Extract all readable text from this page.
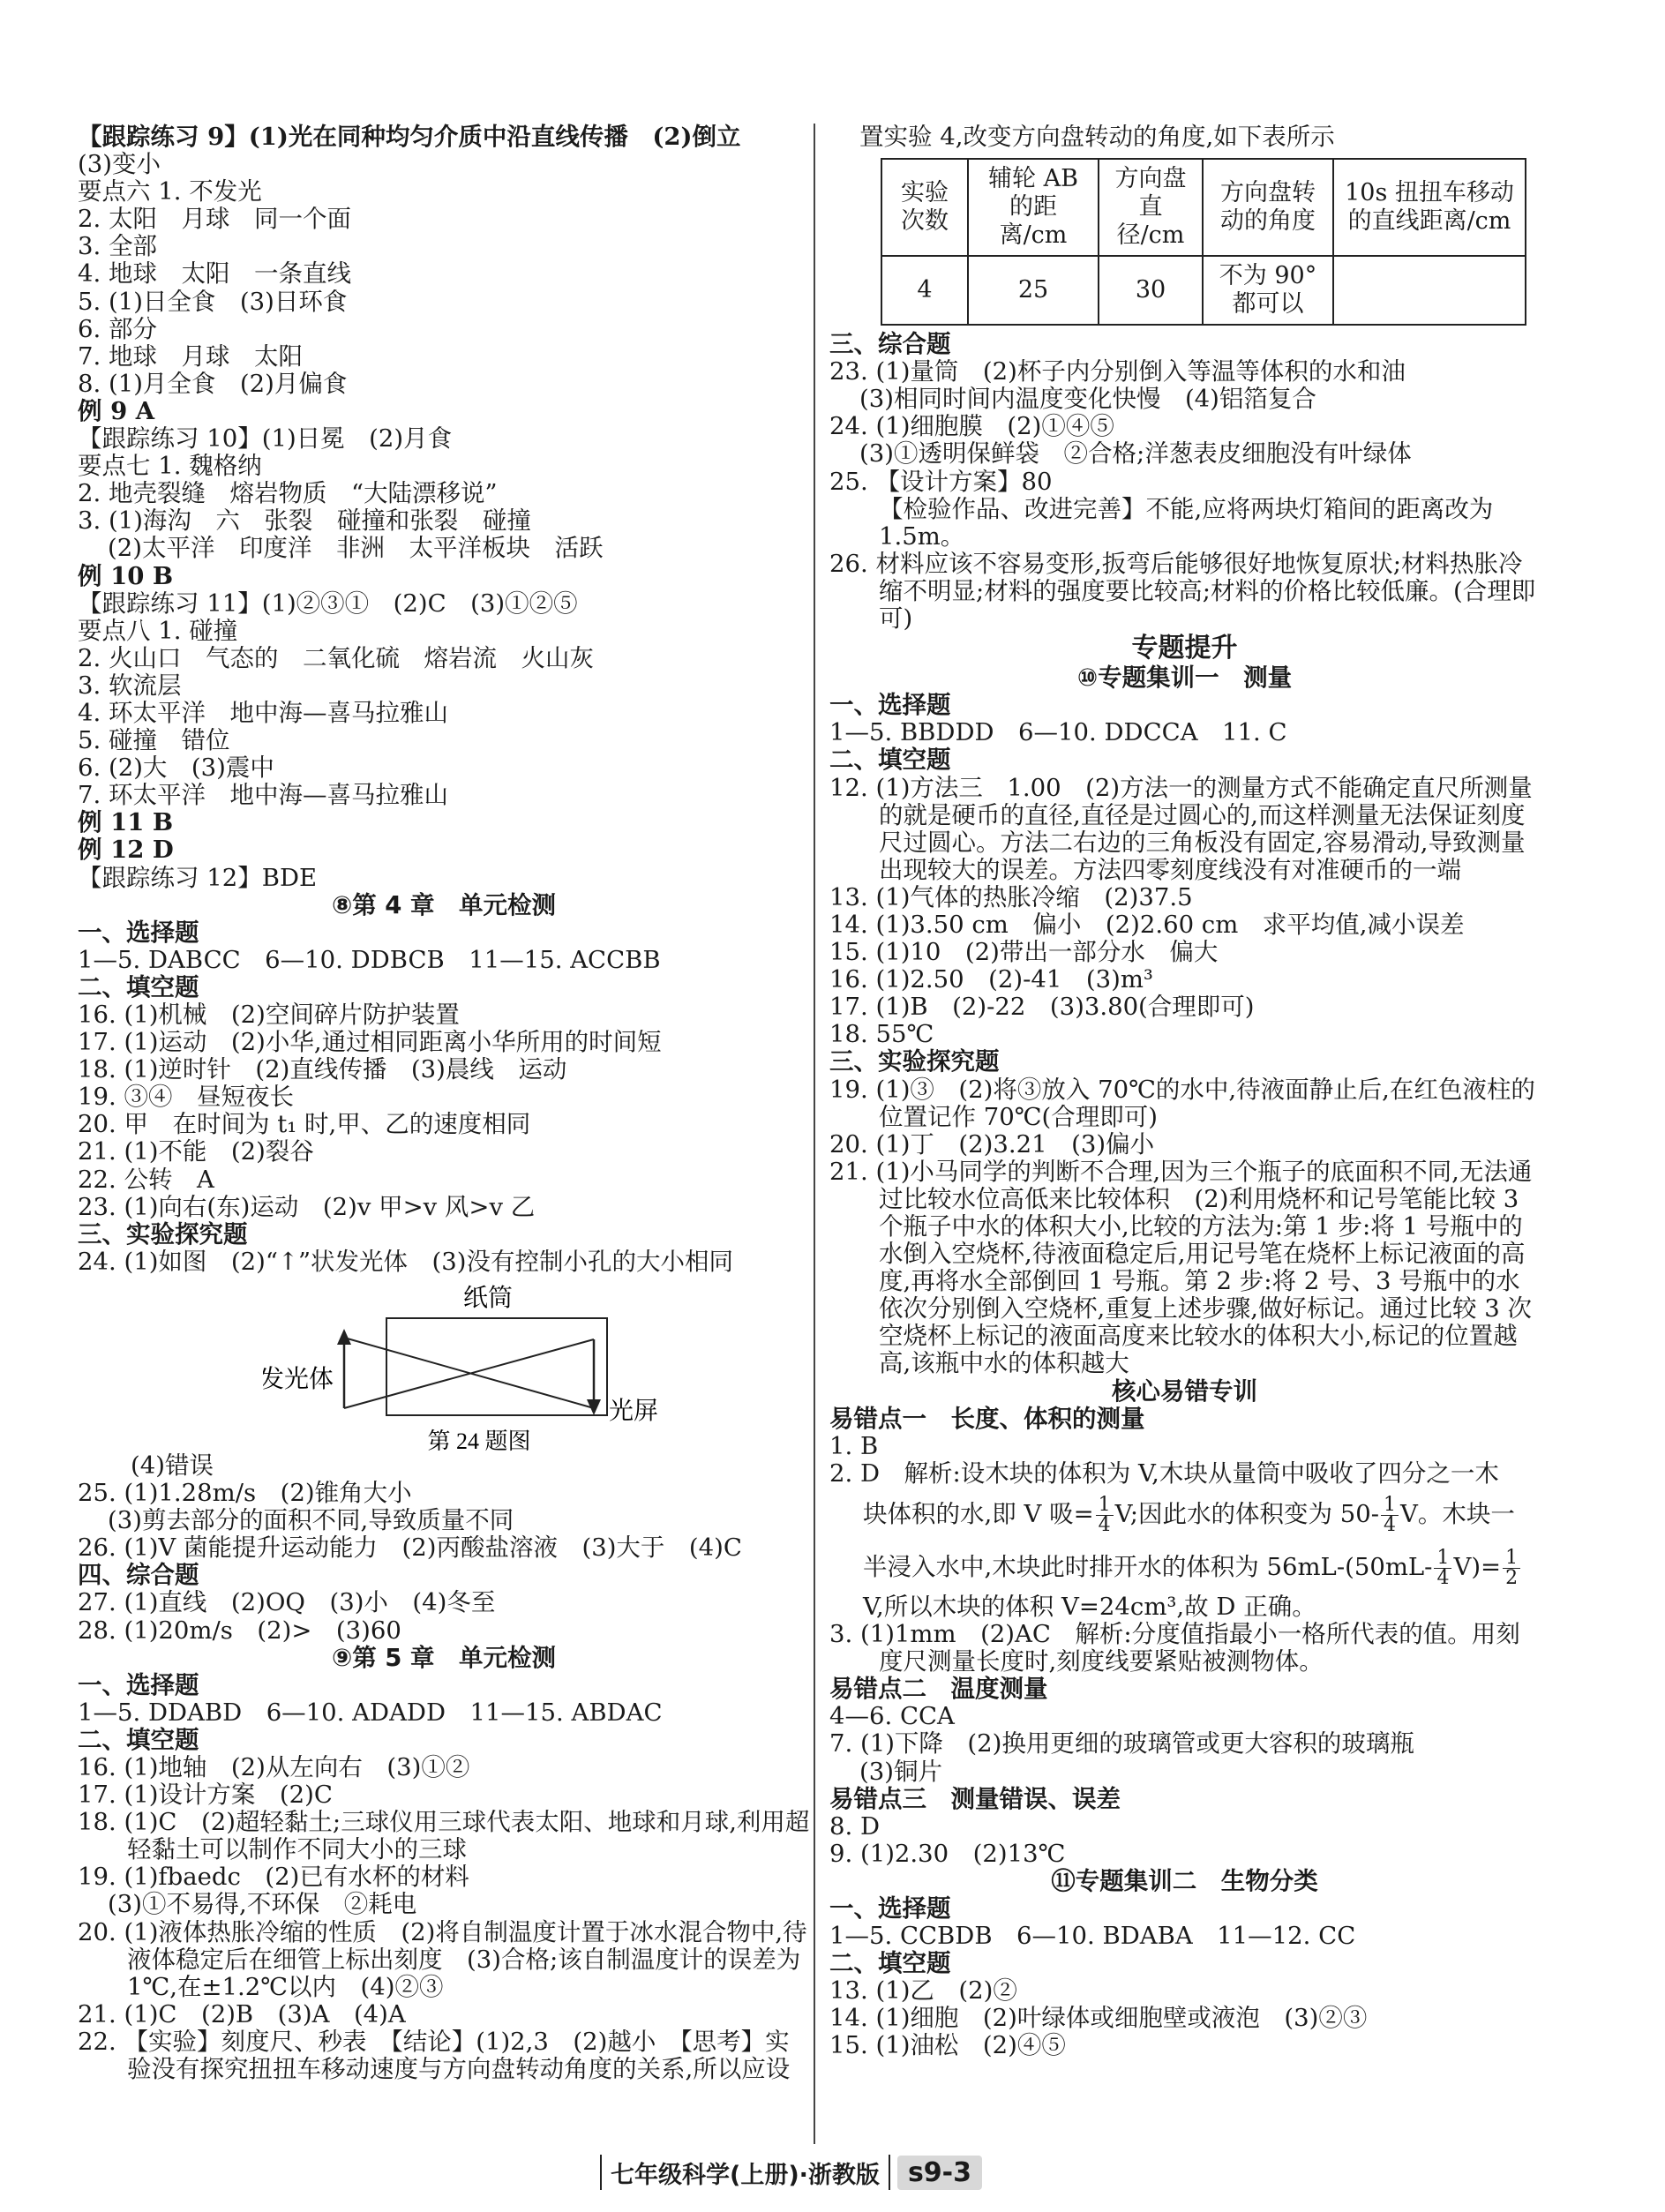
【跟踪练习 9】(1)光在同种均匀介质中沿直线传播　(2)倒立
(3)变小
要点六 1. 不发光
2. 太阳　月球　同一个面
3. 全部
4. 地球　太阳　一条直线
5. (1)日全食　(3)日环食
6. 部分
7. 地球　月球　太阳
8. (1)月全食　(2)月偏食
例 9 A
【跟踪练习 10】(1)日冕　(2)月食
要点七 1. 魏格纳
2. 地壳裂缝　熔岩物质　“大陆漂移说”
3. (1)海沟　六　张裂　碰撞和张裂　碰撞
(2)太平洋　印度洋　非洲　太平洋板块　活跃
例 10 B
【跟踪练习 11】(1)②③①　(2)C　(3)①②⑤
要点八 1. 碰撞
2. 火山口　气态的　二氧化硫　熔岩流　火山灰
3. 软流层
4. 环太平洋　地中海—喜马拉雅山
5. 碰撞　错位
6. (2)大　(3)震中
7. 环太平洋　地中海—喜马拉雅山
例 11 B
例 12 D
【跟踪练习 12】BDE
⑧第 4 章　单元检测
一、选择题
1—5. DABCC　6—10. DDBCB　11—15. ACCBB
二、填空题
16. (1)机械　(2)空间碎片防护装置
17. (1)运动　(2)小华,通过相同距离小华所用的时间短
18. (1)逆时针　(2)直线传播　(3)晨线　运动
19. ③④　昼短夜长
20. 甲　在时间为 t₁ 时,甲、乙的速度相同
21. (1)不能　(2)裂谷
22. 公转　A
23. (1)向右(东)运动　(2)v 甲>v 风>v 乙
三、实验探究题
24. (1)如图　(2)“↑”状发光体　(3)没有控制小孔的大小相同
纸筒
发光体
光屏
第 24 题图
(4)错误
25. (1)1.28m/s　(2)锥角大小
(3)剪去部分的面积不同,导致质量不同
26. (1)V 菌能提升运动能力　(2)丙酸盐溶液　(3)大于　(4)C
四、综合题
27. (1)直线　(2)OQ　(3)小　(4)冬至
28. (1)20m/s　(2)>　(3)60
⑨第 5 章　单元检测
一、选择题
1—5. DDABD　6—10. ADADD　11—15. ABDAC
二、填空题
16. (1)地轴　(2)从左向右　(3)①②
17. (1)设计方案　(2)C
18. (1)C　(2)超轻黏土;三球仪用三球代表太阳、地球和月球,利用超轻黏土可以制作不同大小的三球
19. (1)fbaedc　(2)已有水杯的材料
(3)①不易得,不环保　②耗电
20. (1)液体热胀冷缩的性质　(2)将自制温度计置于冰水混合物中,待液体稳定后在细管上标出刻度　(3)合格;该自制温度计的误差为 1℃,在±1.2℃以内　(4)②③
21. (1)C　(2)B　(3)A　(4)A
22. 【实验】刻度尺、秒表　【结论】(1)2,3　(2)越小　【思考】实验没有探究扭扭车移动速度与方向盘转动角度的关系,所以应设
置实验 4,改变方向盘转动的角度,如下表所示
实验次数	辅轮 AB 的距离/cm	方向盘直径/cm	方向盘转动的角度	10s 扭扭车移动的直线距离/cm
4	25	30	不为 90°都可以	
三、综合题
23. (1)量筒　(2)杯子内分别倒入等温等体积的水和油
(3)相同时间内温度变化快慢　(4)铝箔复合
24. (1)细胞膜　(2)①④⑤
(3)①透明保鲜袋　②合格;洋葱表皮细胞没有叶绿体
25. 【设计方案】80
【检验作品、改进完善】不能,应将两块灯箱间的距离改为 1.5m。
26. 材料应该不容易变形,扳弯后能够很好地恢复原状;材料热胀冷缩不明显;材料的强度要比较高;材料的价格比较低廉。(合理即可)
专题提升
⑩专题集训一　测量
一、选择题
1—5. BBDDD　6—10. DDCCA　11. C
二、填空题
12. (1)方法三　1.00　(2)方法一的测量方式不能确定直尺所测量的就是硬币的直径,直径是过圆心的,而这样测量无法保证刻度尺过圆心。方法二右边的三角板没有固定,容易滑动,导致测量出现较大的误差。方法四零刻度线没有对准硬币的一端
13. (1)气体的热胀冷缩　(2)37.5
14. (1)3.50 cm　偏小　(2)2.60 cm　求平均值,减小误差
15. (1)10　(2)带出一部分水　偏大
16. (1)2.50　(2)-41　(3)m³
17. (1)B　(2)-22　(3)3.80(合理即可)
18. 55℃
三、实验探究题
19. (1)③　(2)将③放入 70℃的水中,待液面静止后,在红色液柱的位置记作 70℃(合理即可)
20. (1)丁　(2)3.21　(3)偏小
21. (1)小马同学的判断不合理,因为三个瓶子的底面积不同,无法通过比较水位高低来比较体积　(2)利用烧杯和记号笔能比较 3 个瓶子中水的体积大小,比较的方法为:第 1 步:将 1 号瓶中的水倒入空烧杯,待液面稳定后,用记号笔在烧杯上标记液面的高度,再将水全部倒回 1 号瓶。第 2 步:将 2 号、3 号瓶中的水依次分别倒入空烧杯,重复上述步骤,做好标记。通过比较 3 次空烧杯上标记的液面高度来比较水的体积大小,标记的位置越高,该瓶中水的体积越大
核心易错专训
易错点一　长度、体积的测量
1. B
2. D　解析:设木块的体积为 V,木块从量筒中吸收了四分之一木
块体积的水,即 V 吸= $\frac{1}{4} V$;因此水的体积变为 $50- \frac{1}{4}$ V。木块一
半浸入水中,木块此时排开水的体积为 $56mL-(50mL- \frac{1}{4} V)= \frac{1}{2}$
V,所以木块的体积 V=24cm³,故 D 正确。
3. (1)1mm　(2)AC　解析:分度值指最小一格所代表的值。用刻度尺测量长度时,刻度线要紧贴被测物体。
易错点二　温度测量
4—6. CCA
7. (1)下降　(2)换用更细的玻璃管或更大容积的玻璃瓶
(3)铜片
易错点三　测量错误、误差
8. D
9. (1)2.30　(2)13℃
⑪专题集训二　生物分类
一、选择题
1—5. CCBDB　6—10. BDABA　11—12. CC
二、填空题
13. (1)乙　(2)②
14. (1)细胞　(2)叶绿体或细胞壁或液泡　(3)②③
15. (1)油松　(2)④⑤
七年级科学(上册)·浙教版	s9-3
